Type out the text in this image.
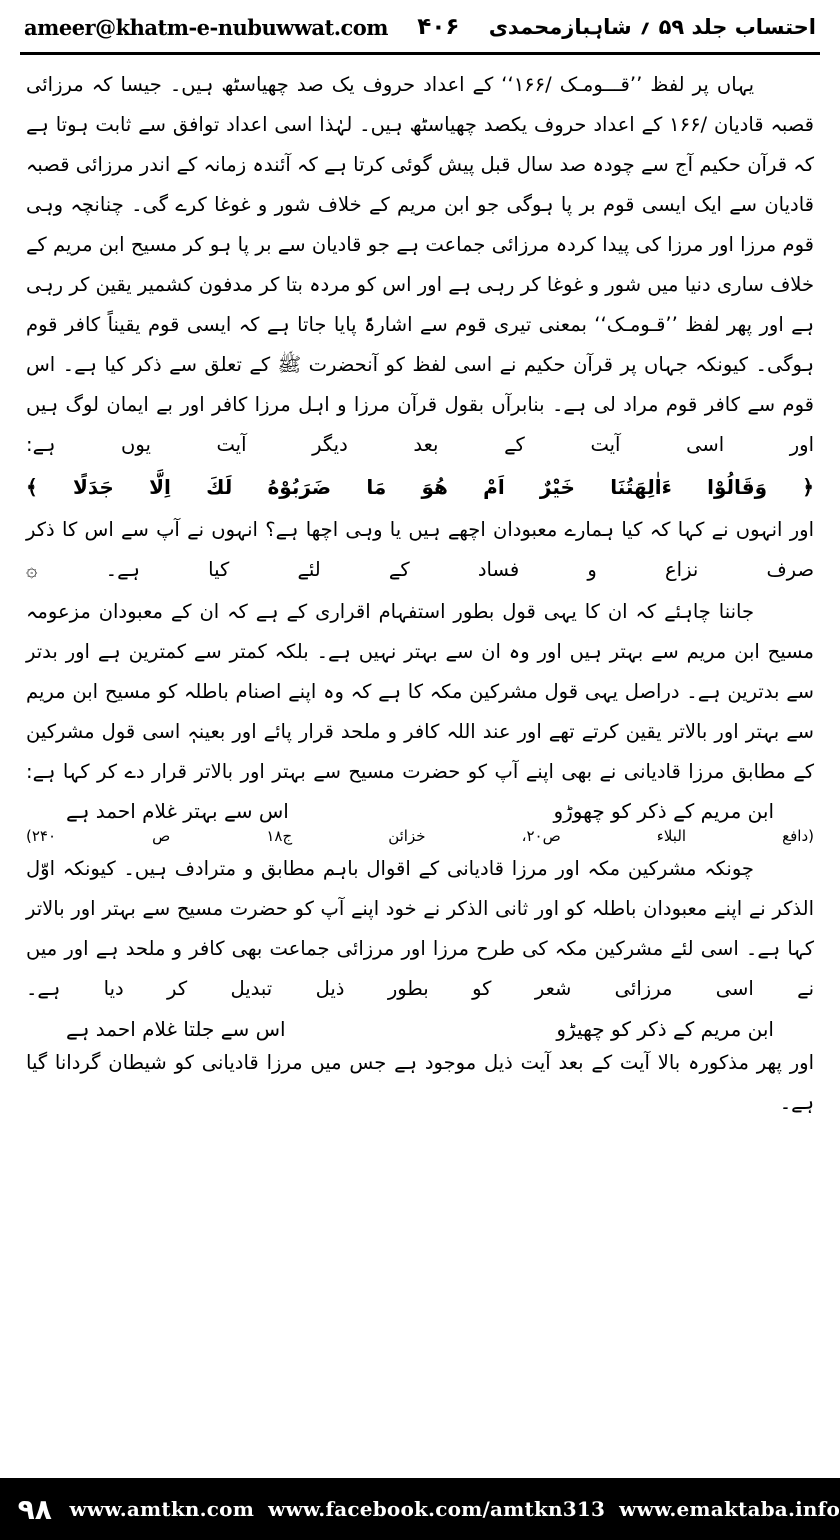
ameer@khatm-e-nubuwwat.com ۴۰۶ احتساب جلد ۵۹ ؍ شاہبازمحمدی

یہاں پر لفظ ’’قـــومـک /۱۶۶‘‘ کے اعداد حروف یک صد چھیاسٹھ ہیں۔ جیسا کہ مرزائی قصبہ قادیان /۱۶۶ کے اعداد حروف یکصد چھیاسٹھ ہیں۔ لہٰذا اسی اعداد توافق سے ثابت ہوتا ہے کہ قرآن حکیم آج سے چودہ صد سال قبل پیش گوئی کرتا ہے کہ آئندہ زمانہ کے اندر مرزائی قصبہ قادیان سے ایک ایسی قوم بر پا ہوگی جو ابن مریم کے خلاف شور و غوغا کرے گی۔ چنانچہ وہی قوم مرزا اور مرزا کی پیدا کردہ مرزائی جماعت ہے جو قادیان سے بر پا ہو کر مسیح ابن مریم کے خلاف ساری دنیا میں شور و غوغا کر رہی ہے اور اس کو مردہ بتا کر مدفون کشمیر یقین کر رہی ہے اور پھر لفظ ’’قـومـک‘‘ بمعنی تیری قوم سے اشارۃً پایا جاتا ہے کہ ایسی قوم یقیناً کافر قوم ہوگی۔ کیونکہ جہاں پر قرآن حکیم نے اسی لفظ کو آنحضرت ﷺ کے تعلق سے ذکر کیا ہے۔ اس قوم سے کافر قوم مراد لی ہے۔ بنابرآں بقول قرآن مرزا و اہل مرزا کافر اور بے ایمان لوگ ہیں اور اسی آیت کے بعد دیگر آیت یوں ہے:

﴿ وَقَالُوْا ءَاٰلِهَتُنَا خَيْرٌ اَمْ هُوَ مَا ضَرَبُوْهُ لَكَ اِلَّا جَدَلًا ﴾

اور انہوں نے کہا کہ کیا ہمارے معبودان اچھے ہیں یا وہی اچھا ہے؟ انہوں نے آپ سے اس کا ذکر صرف نزاع و فساد کے لئے کیا ہے۔ ۞

جاننا چاہئے کہ ان کا یہی قول بطور استفہام اقراری کے ہے کہ ان کے معبودان مزعومہ مسیح ابن مریم سے بہتر ہیں اور وہ ان سے بہتر نہیں ہے۔ بلکہ کمتر سے کمترین ہے اور بدتر سے بدترین ہے۔ دراصل یہی قول مشرکین مکہ کا ہے کہ وہ اپنے اصنام باطلہ کو مسیح ابن مریم سے بہتر اور بالاتر یقین کرتے تھے اور عند اللہ کافر و ملحد قرار پائے اور بعینہٖ اسی قول مشرکین کے مطابق مرزا قادیانی نے بھی اپنے آپ کو حضرت مسیح سے بہتر اور بالاتر قرار دے کر کہا ہے:

ابن مریم کے ذکر کو چھوڑو
اس سے بہتر غلام احمد ہے
(دافع البلاء ص۲۰، خزائن ج۱۸ ص ۲۴۰)

چونکہ مشرکین مکہ اور مرزا قادیانی کے اقوال باہم مطابق و مترادف ہیں۔ کیونکہ اوّل الذکر نے اپنے معبودان باطلہ کو اور ثانی الذکر نے خود اپنے آپ کو حضرت مسیح سے بہتر اور بالاتر کہا ہے۔ اسی لئے مشرکین مکہ کی طرح مرزا اور مرزائی جماعت بھی کافر و ملحد ہے اور میں نے اسی مرزائی شعر کو بطور ذیل تبدیل کر دیا ہے۔

ابن مریم کے ذکر کو چھیڑو
اس سے جلتا غلام احمد ہے

اور پھر مذکورہ بالا آیت کے بعد آیت ذیل موجود ہے جس میں مرزا قادیانی کو شیطان گردانا گیا ہے۔

۹۸ www.amtkn.com www.facebook.com/amtkn313 www.emaktaba.info
